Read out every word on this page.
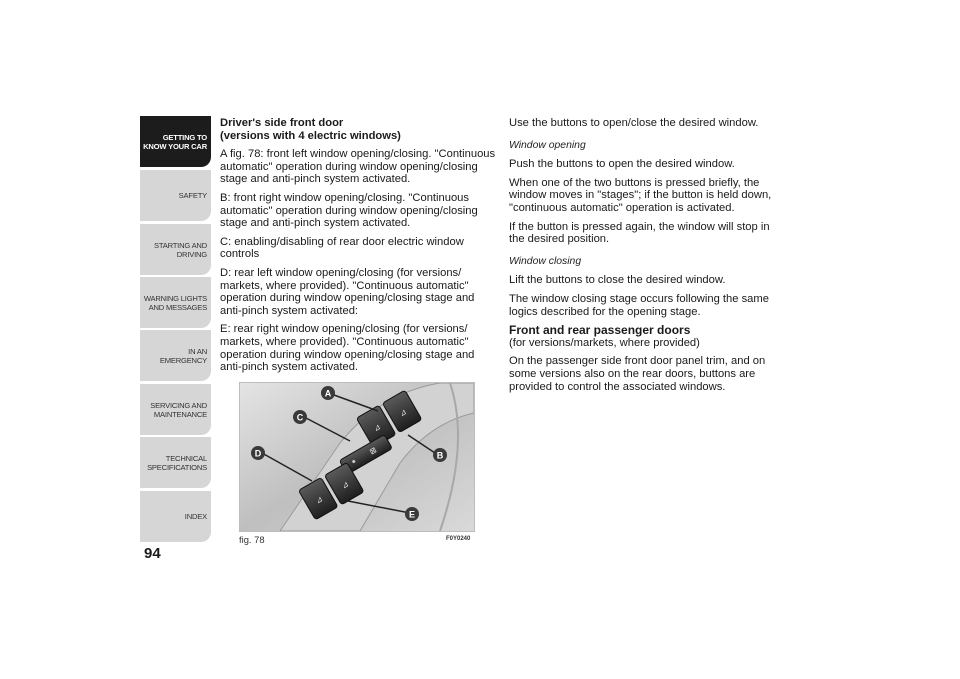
GETTING TO
KNOW YOUR CAR
SAFETY
STARTING AND
DRIVING
WARNING LIGHTS
AND MESSAGES
IN AN EMERGENCY
SERVICING AND
MAINTENANCE
TECHNICAL
SPECIFICATIONS
INDEX
94

Driver's side front door

(versions with 4 electric windows)

A fig. 78: front left window opening/closing. "Continuous automatic" operation during window opening/closing stage and anti-pinch system activated.

B: front right window opening/closing. "Continuous automatic" operation during window opening/closing stage and anti-pinch system activated.

C: enabling/disabling of rear door electric window controls

D: rear left window opening/closing (for versions/ markets, where provided). "Continuous automatic" operation during window opening/closing stage and anti-pinch system activated:

E: rear right window opening/closing (for versions/ markets, where provided). "Continuous automatic" operation during window opening/closing stage and anti-pinch system activated.

⊿
⊿
⊠
⊿
⊿
A
C
B
D
E
fig. 78	F0Y0240

Use the buttons to open/close the desired window.

Window opening

Push the buttons to open the desired window.

When one of the two buttons is pressed briefly, the window moves in "stages"; if the button is held down, "continuous automatic" operation is activated.

If the button is pressed again, the window will stop in the desired position.

Window closing

Lift the buttons to close the desired window.

The window closing stage occurs following the same logics described for the opening stage.

Front and rear passenger doors

(for versions/markets, where provided)

On the passenger side front door panel trim, and on some versions also on the rear doors, buttons are provided to control the associated windows.
